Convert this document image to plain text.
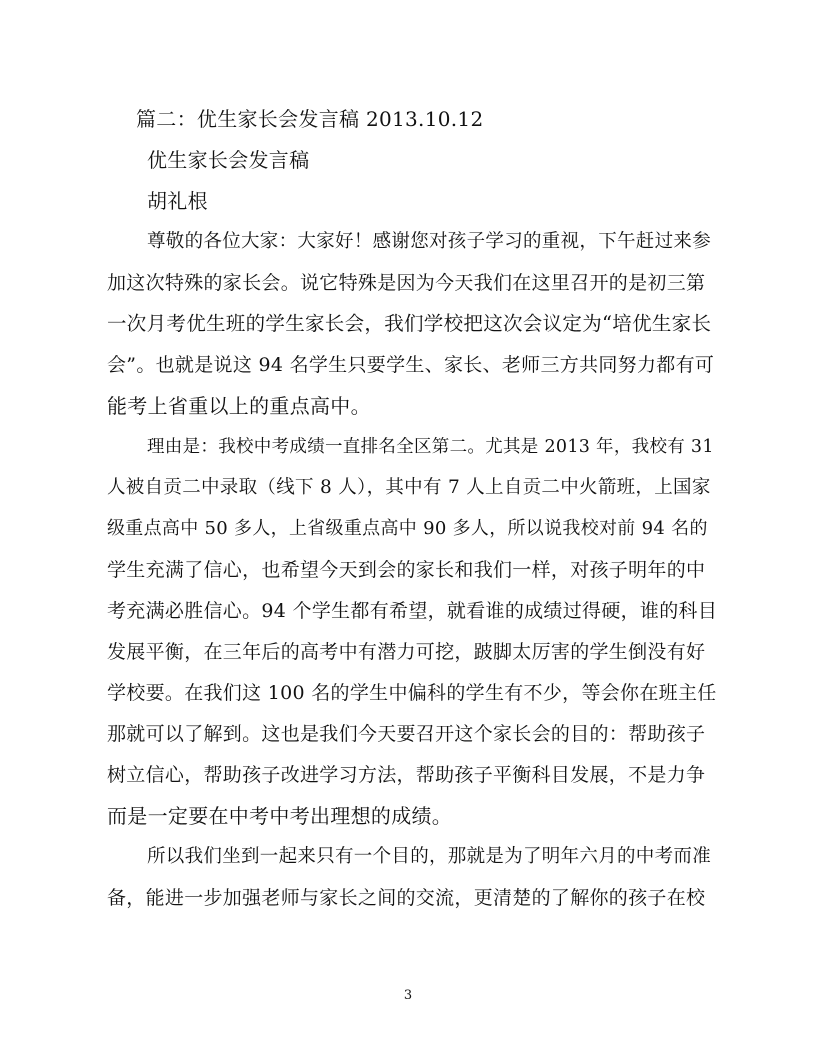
篇二：优生家长会发言稿 2013.10.12
优生家长会发言稿
胡礼根
尊敬的各位大家：大家好！感谢您对孩子学习的重视，下午赶过来参
加这次特殊的家长会。说它特殊是因为今天我们在这里召开的是初三第
一次月考优生班的学生家长会，我们学校把这次会议定为“培优生家长
会”。也就是说这 94 名学生只要学生、家长、老师三方共同努力都有可
能考上省重以上的重点高中。
理由是：我校中考成绩一直排名全区第二。尤其是 2013 年，我校有 31
人被自贡二中录取（线下 8 人），其中有 7 人上自贡二中火箭班，上国家
级重点高中 50 多人，上省级重点高中 90 多人，所以说我校对前 94 名的
学生充满了信心，也希望今天到会的家长和我们一样，对孩子明年的中
考充满必胜信心。94 个学生都有希望，就看谁的成绩过得硬，谁的科目
发展平衡，在三年后的高考中有潜力可挖，跛脚太厉害的学生倒没有好
学校要。在我们这 100 名的学生中偏科的学生有不少，等会你在班主任
那就可以了解到。这也是我们今天要召开这个家长会的目的：帮助孩子
树立信心，帮助孩子改进学习方法，帮助孩子平衡科目发展，不是力争
而是一定要在中考中考出理想的成绩。
所以我们坐到一起来只有一个目的，那就是为了明年六月的中考而准
备，能进一步加强老师与家长之间的交流，更清楚的了解你的孩子在校
3
